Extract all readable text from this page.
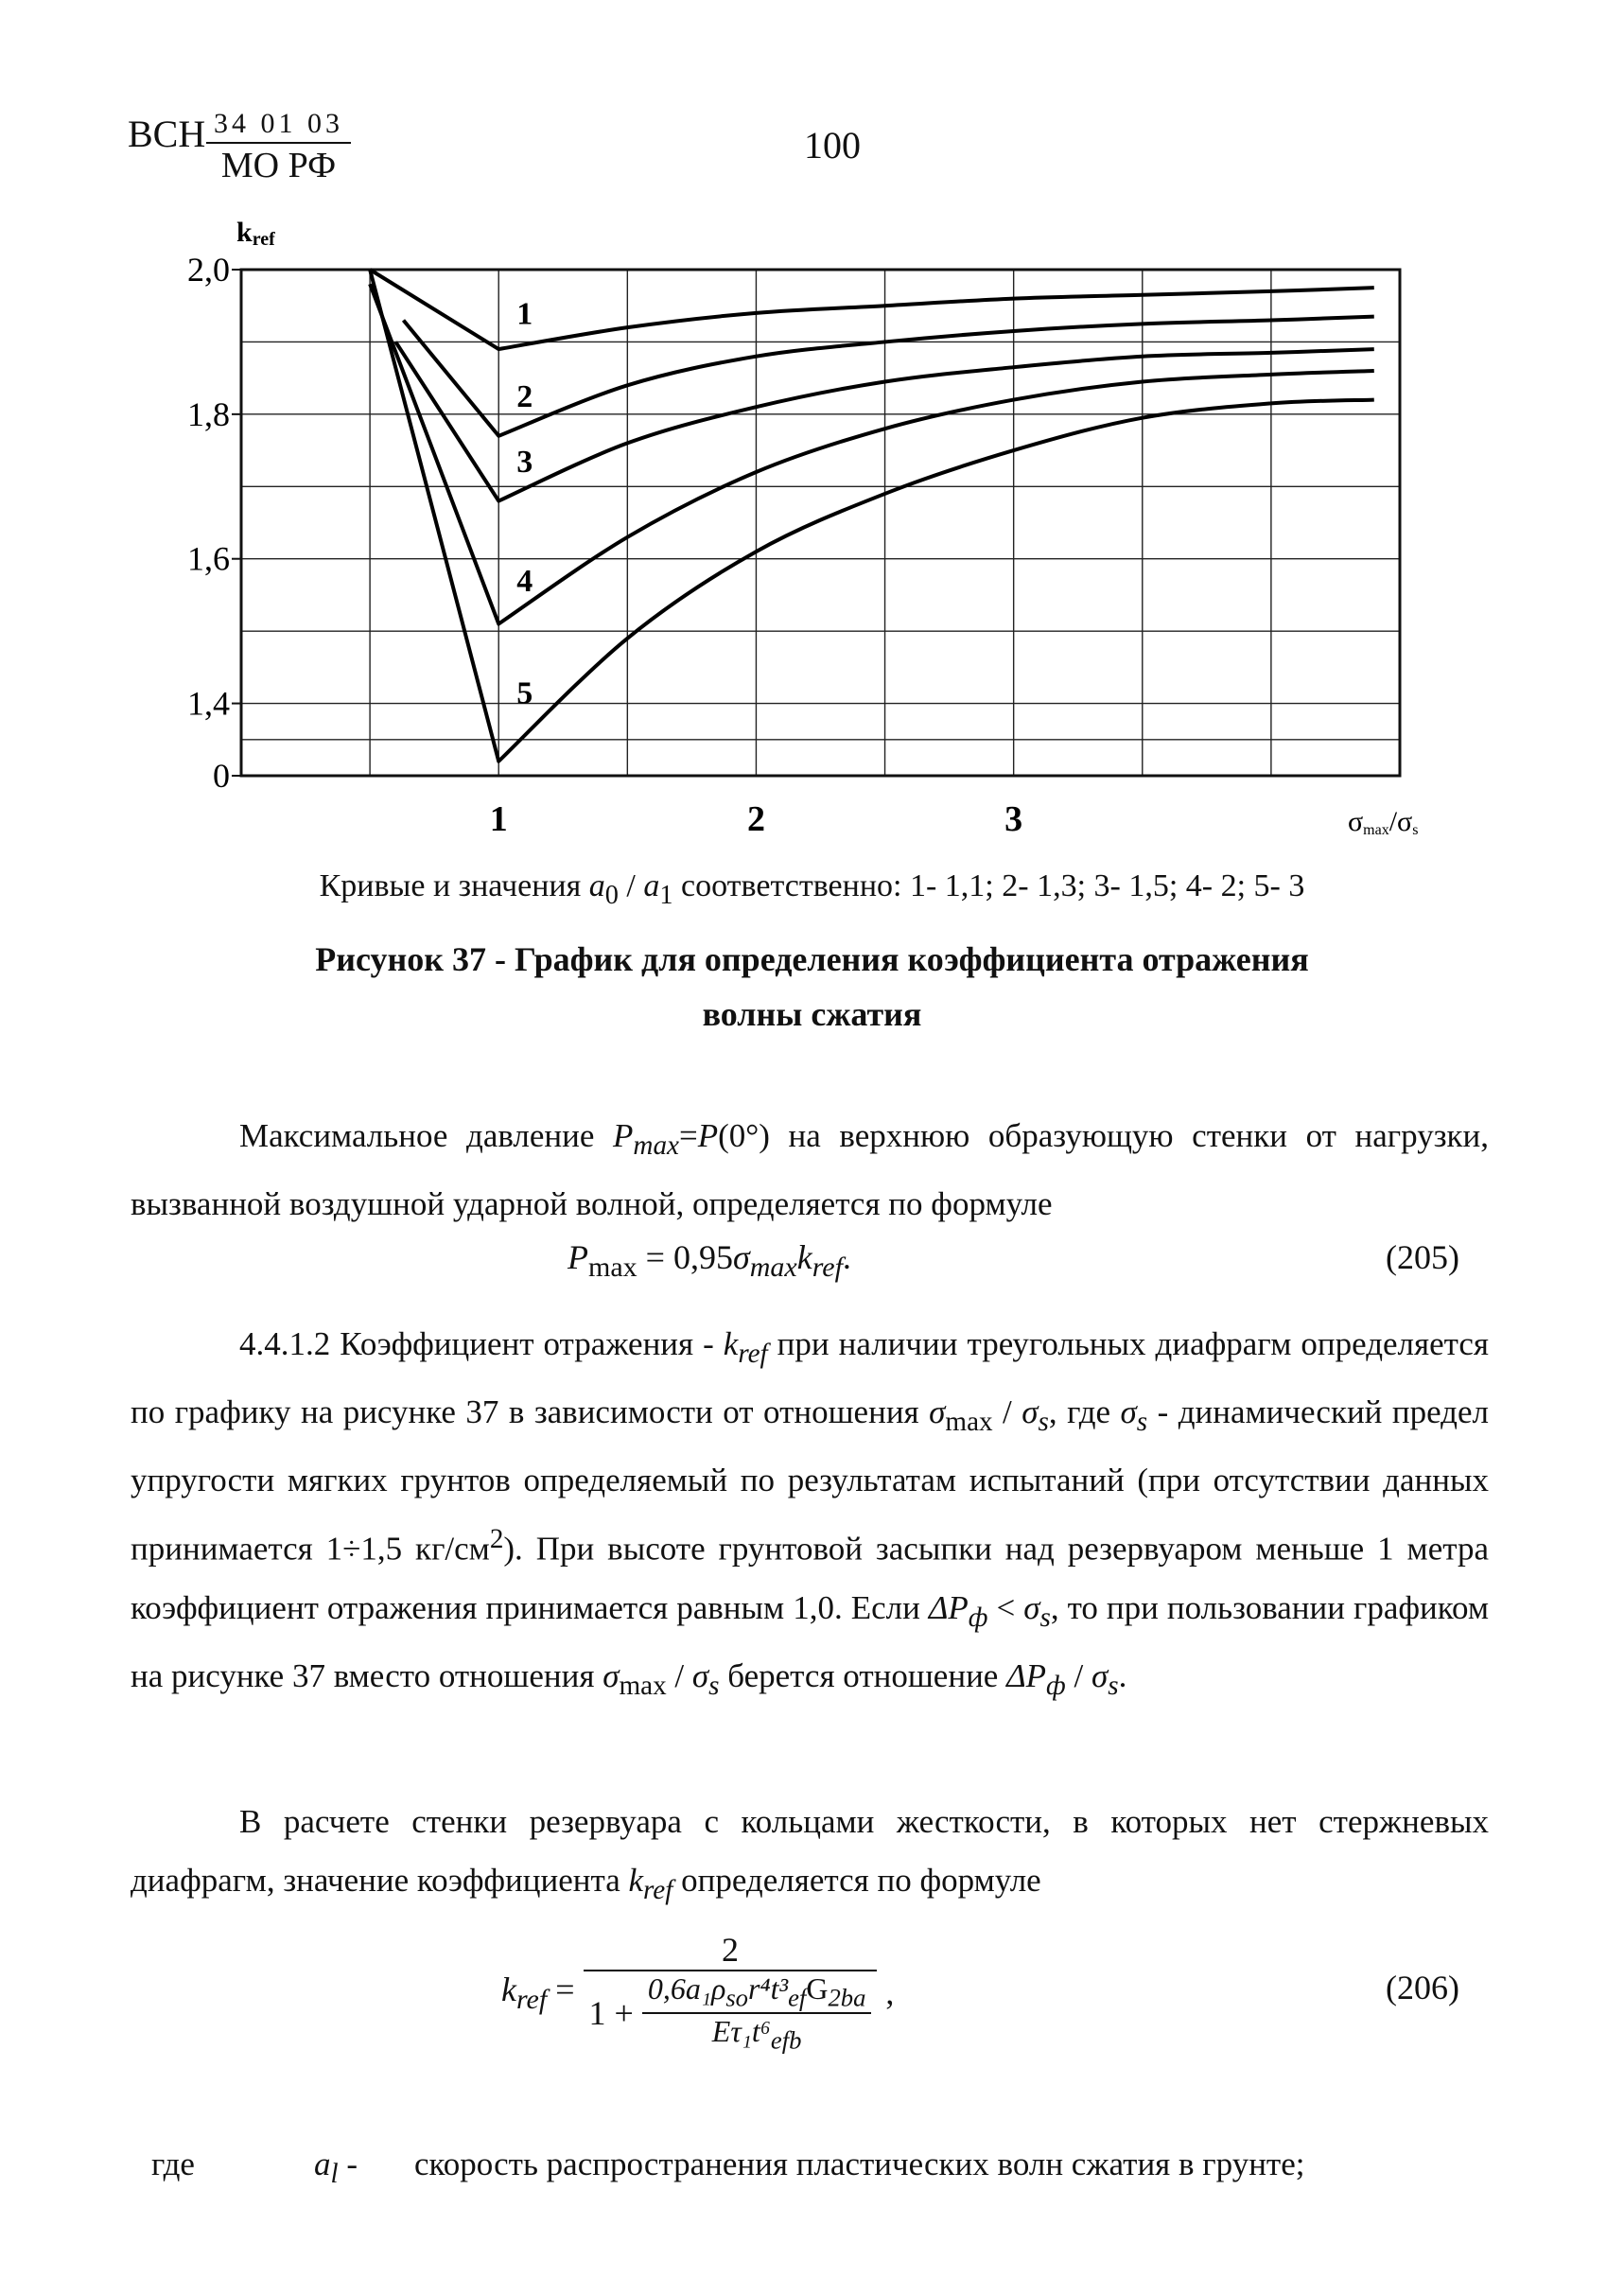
ВСН 34 01 03
МО РФ	100
2,0
1,8
1,6
1,4
0
1	2	3
kref
σmax/σs
1
2
3
4
5
Кривые и значения $a_0 / a_1$ соответственно: 1- 1,1; 2- 1,3; 3- 1,5; 4- 2; 5- 3
Рисунок 37 - График для определения коэффициента отражения
волны сжатия
Максимальное давление $P_{max}=P(0^\circ)$ на верхнюю образующую стенки от нагрузки, вызванной воздушной ударной волной, определяется по формуле
$P_{max} = 0,95\sigma_{max}k_{ref}$.	(205)
4.4.1.2 Коэффициент отражения - $k_{ref}$ при наличии треугольных диафрагм определяется по графику на рисунке 37 в зависимости от отношения $\sigma_{max} / \sigma_s$, где $\sigma_s$ - динамический предел упругости мягких грунтов определяемый по результатам испытаний (при отсутствии данных принимается 1÷1,5 $кг/см^2$). При высоте грунтовой засыпки над резервуаром меньше 1 метра коэффициент отражения принимается равным 1,0. Если $\Delta P_ф < \sigma_s$, то при пользовании графиком на рисунке 37 вместо отношения $\sigma_{max} / \sigma_s$ берется отношение $\Delta P_ф / \sigma_s$.
В расчете стенки резервуара с кольцами жесткости, в которых нет стержневых диафрагм, значение коэффициента $k_{ref}$ определяется по формуле
$k_{ref} = \frac{2}{1 + \frac{0,6a_1\rho_{so}r^4t^3_{ef}G_{2ba}}{E\tau_1t^6_{efb}}}$ ,	(206)
где	$a_l$ - скорость распространения пластических волн сжатия в грунте;
